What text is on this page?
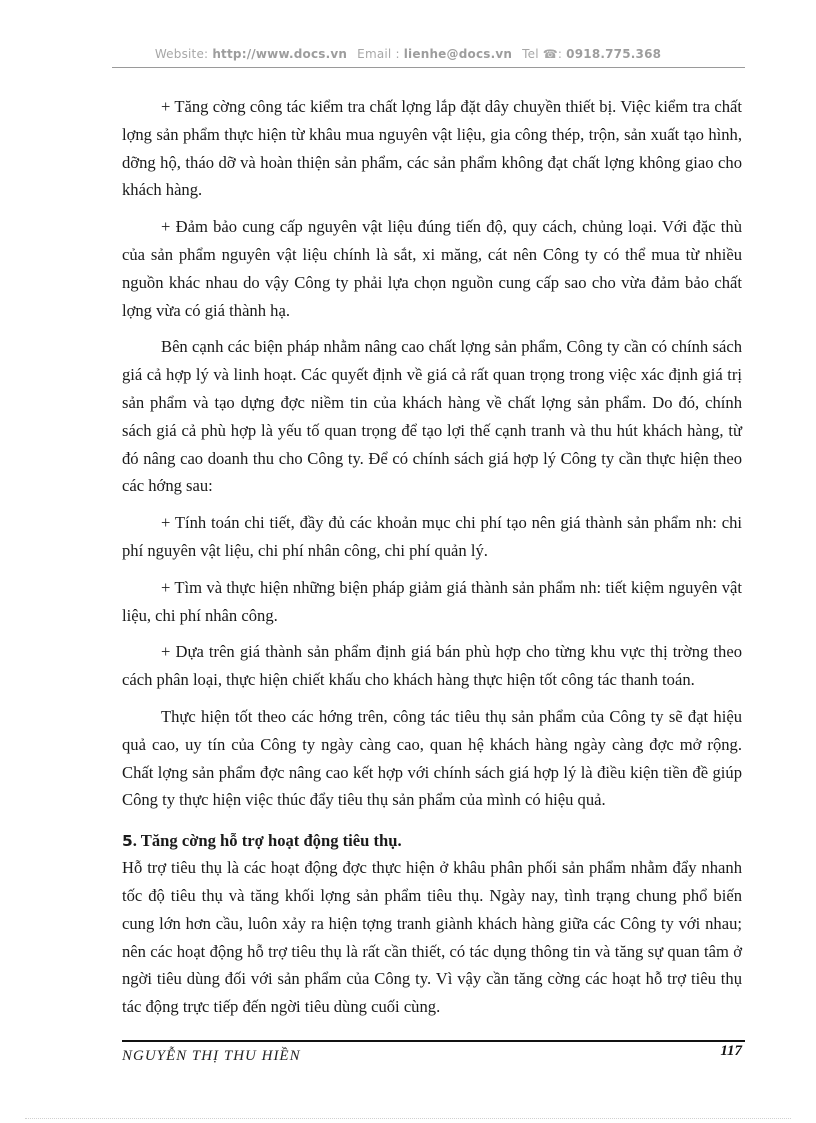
Website: http://www.docs.vn Email : lienhe@docs.vn Tel ☎: 0918.775.368

+ Tăng cờng công tác kiểm tra chất lợng lắp đặt dây chuyền thiết bị. Việc kiểm tra chất lợng sản phẩm thực hiện từ khâu mua nguyên vật liệu, gia công thép, trộn, sản xuất tạo hình, dỡng hộ, tháo dỡ và hoàn thiện sản phẩm, các sản phẩm không đạt chất lợng không giao cho khách hàng.

+ Đảm bảo cung cấp nguyên vật liệu đúng tiến độ, quy cách, chủng loại. Với đặc thù của sản phẩm nguyên vật liệu chính là sắt, xi măng, cát nên Công ty có thể mua từ nhiều nguồn khác nhau do vậy Công ty phải lựa chọn nguồn cung cấp sao cho vừa đảm bảo chất lợng vừa có giá thành hạ.

Bên cạnh các biện pháp nhằm nâng cao chất lợng sản phẩm, Công ty cần có chính sách giá cả hợp lý và linh hoạt. Các quyết định về giá cả rất quan trọng trong việc xác định giá trị sản phẩm và tạo dựng đợc niềm tin của khách hàng về chất lợng sản phẩm. Do đó, chính sách giá cả phù hợp là yếu tố quan trọng để tạo lợi thế cạnh tranh và thu hút khách hàng, từ đó nâng cao doanh thu cho Công ty. Để có chính sách giá hợp lý Công ty cần thực hiện theo các hớng sau:

+ Tính toán chi tiết, đầy đủ các khoản mục chi phí tạo nên giá thành sản phẩm nh: chi phí nguyên vật liệu, chi phí nhân công, chi phí quản lý.

+ Tìm và thực hiện những biện pháp giảm giá thành sản phẩm nh: tiết kiệm nguyên vật liệu, chi phí nhân công.

+ Dựa trên giá thành sản phẩm định giá bán phù hợp cho từng khu vực thị trờng theo cách phân loại, thực hiện chiết khấu cho khách hàng thực hiện tốt công tác thanh toán.

Thực hiện tốt theo các hớng trên, công tác tiêu thụ sản phẩm của Công ty sẽ đạt hiệu quả cao, uy tín của Công ty ngày càng cao, quan hệ khách hàng ngày càng đợc mở rộng. Chất lợng sản phẩm đợc nâng cao kết hợp với chính sách giá hợp lý là điều kiện tiền đề giúp Công ty thực hiện việc thúc đẩy tiêu thụ sản phẩm của mình có hiệu quả.

5. Tăng cờng hỗ trợ hoạt động tiêu thụ.

Hỗ trợ tiêu thụ là các hoạt động đợc thực hiện ở khâu phân phối sản phẩm nhằm đẩy nhanh tốc độ tiêu thụ và tăng khối lợng sản phẩm tiêu thụ. Ngày nay, tình trạng chung phổ biến cung lớn hơn cầu, luôn xảy ra hiện tợng tranh giành khách hàng giữa các Công ty với nhau; nên các hoạt động hỗ trợ tiêu thụ là rất cần thiết, có tác dụng thông tin và tăng sự quan tâm ở ngời tiêu dùng đối với sản phẩm của Công ty. Vì vậy cần tăng cờng các hoạt hỗ trợ tiêu thụ tác động trực tiếp đến ngời tiêu dùng cuối cùng.

NGUYỄN THỊ THU HIỀN	117
